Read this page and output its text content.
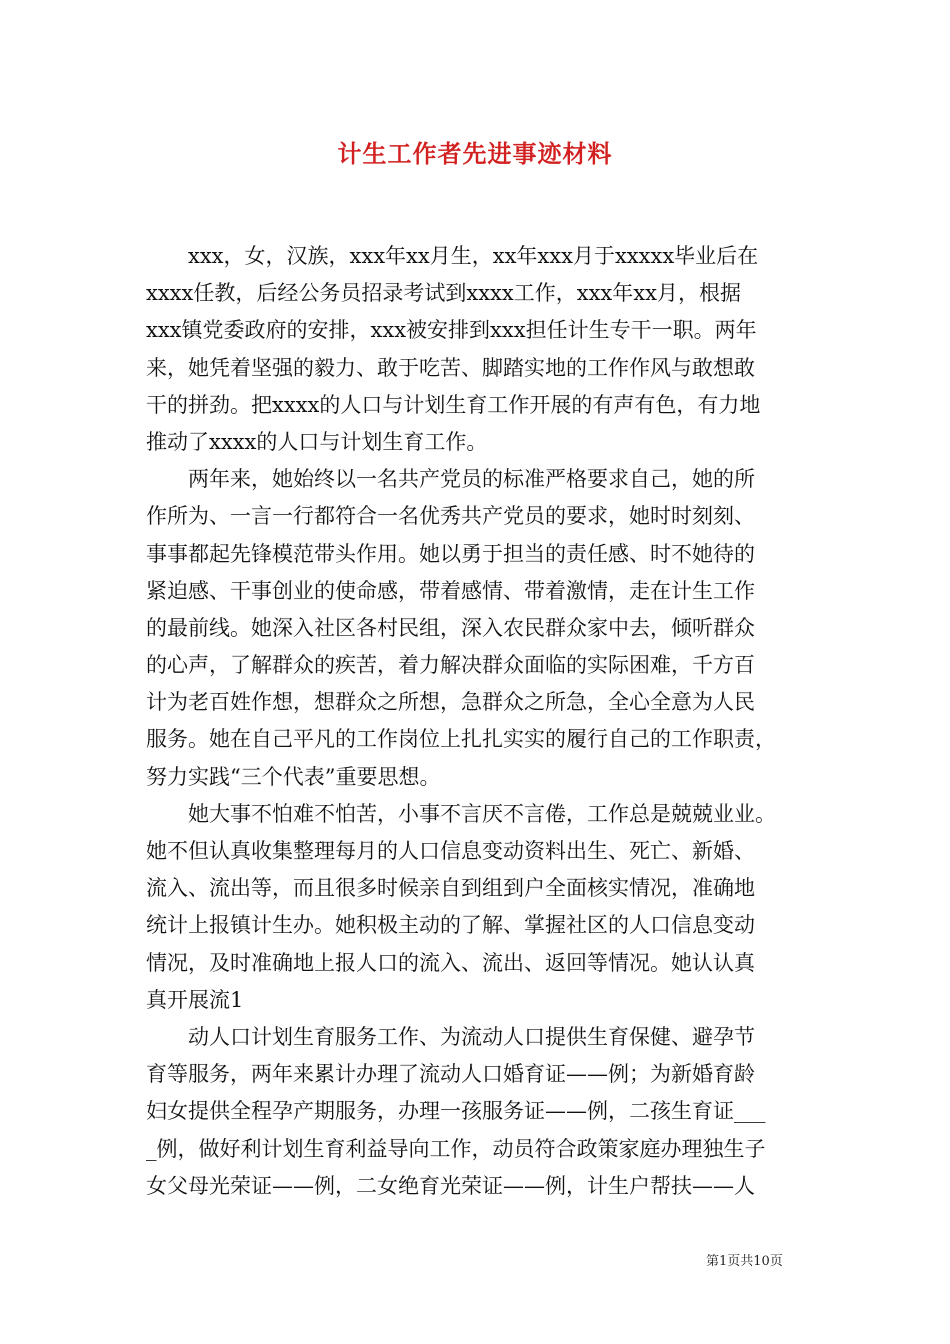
计生工作者先进事迹材料
xxx，女，汉族，xxx年xx月生，xx年xxx月于xxxxx毕业后在
xxxx任教，后经公务员招录考试到xxxx工作，xxx年xx月，根据
xxx镇党委政府的安排，xxx被安排到xxx担任计生专干一职。两年
来，她凭着坚强的毅力、敢于吃苦、脚踏实地的工作作风与敢想敢
干的拼劲。把xxxx的人口与计划生育工作开展的有声有色，有力地
推动了xxxx的人口与计划生育工作。
两年来，她始终以一名共产党员的标准严格要求自己，她的所
作所为、一言一行都符合一名优秀共产党员的要求，她时时刻刻、
事事都起先锋模范带头作用。她以勇于担当的责任感、时不她待的
紧迫感、干事创业的使命感，带着感情、带着激情，走在计生工作
的最前线。她深入社区各村民组，深入农民群众家中去，倾听群众
的心声，了解群众的疾苦，着力解决群众面临的实际困难，千方百
计为老百姓作想，想群众之所想，急群众之所急，全心全意为人民
服务。她在自己平凡的工作岗位上扎扎实实的履行自己的工作职责，
努力实践“三个代表”重要思想。
她大事不怕难不怕苦，小事不言厌不言倦，工作总是兢兢业业。
她不但认真收集整理每月的人口信息变动资料出生、死亡、新婚、
流入、流出等，而且很多时候亲自到组到户全面核实情况，准确地
统计上报镇计生办。她积极主动的了解、掌握社区的人口信息变动
情况，及时准确地上报人口的流入、流出、返回等情况。她认认真
真开展流1
动人口计划生育服务工作、为流动人口提供生育保健、避孕节
育等服务，两年来累计办理了流动人口婚育证——例；为新婚育龄
妇女提供全程孕产期服务，办理一孩服务证——例，二孩生育证___
_例，做好利计划生育利益导向工作，动员符合政策家庭办理独生子
女父母光荣证——例，二女绝育光荣证——例，计生户帮扶——人
第1页共10页
